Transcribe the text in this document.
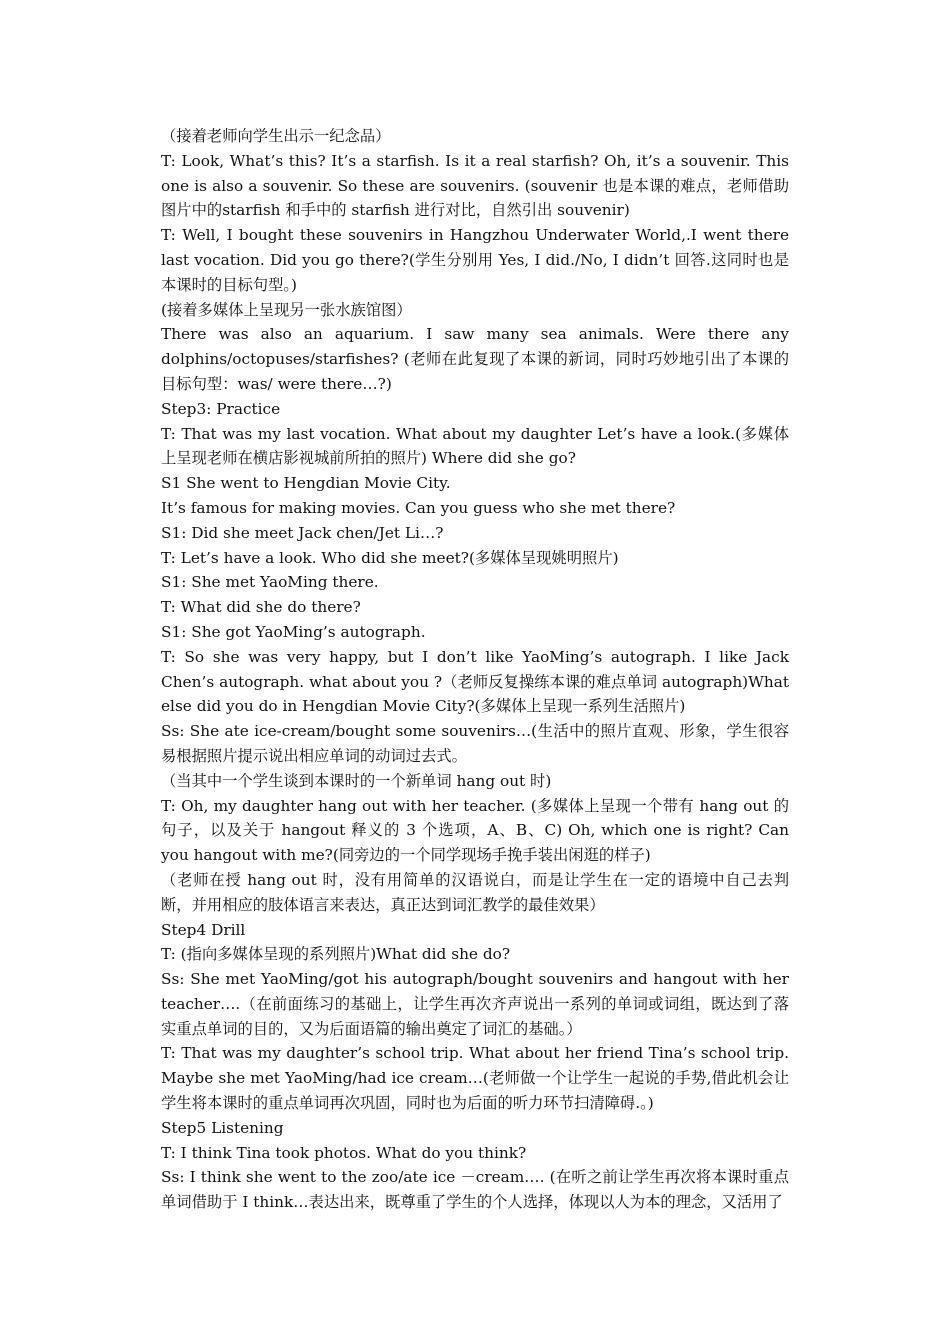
（接着老师向学生出示一纪念品）

T: Look, What’s this? It’s a starfish. Is it a real starfish? Oh, it’s a souvenir. This one is also a souvenir. So these are souvenirs. (souvenir 也是本课的难点，老师借助图片中的starfish 和手中的 starfish 进行对比，自然引出 souvenir)

T: Well, I bought these souvenirs in Hangzhou Underwater World,.I went there last vocation. Did you go there?(学生分别用 Yes, I did./No, I didn’t 回答.这同时也是本课时的目标句型。)

(接着多媒体上呈现另一张水族馆图）

There was also an aquarium. I saw many sea animals. Were there any dolphins/octopuses/starfishes? (老师在此复现了本课的新词，同时巧妙地引出了本课的目标句型：was/ were there…?)

Step3: Practice

T: That was my last vocation. What about my daughter Let’s have a look.(多媒体上呈现老师在横店影视城前所拍的照片) Where did she go?

S1 She went to Hengdian Movie City.

It’s famous for making movies. Can you guess who she met there?

S1: Did she meet Jack chen/Jet Li…?

T: Let’s have a look. Who did she meet?(多媒体呈现姚明照片)

S1: She met YaoMing there.

T: What did she do there?

S1: She got YaoMing’s autograph.

T: So she was very happy, but I don’t like YaoMing’s autograph. I like Jack Chen’s autograph. what about you ?（老师反复操练本课的难点单词 autograph)What else did you do in Hengdian Movie City?(多媒体上呈现一系列生活照片)

Ss: She ate ice-cream/bought some souvenirs…(生活中的照片直观、形象，学生很容易根据照片提示说出相应单词的动词过去式。

（当其中一个学生谈到本课时的一个新单词 hang out 时)

T: Oh, my daughter hang out with her teacher. (多媒体上呈现一个带有 hang out 的句子，以及关于 hangout 释义的 3 个选项，A、B、C) Oh, which one is right? Can you hangout with me?(同旁边的一个同学现场手挽手装出闲逛的样子)

（老师在授 hang out 时，没有用简单的汉语说白，而是让学生在一定的语境中自己去判断，并用相应的肢体语言来表达，真正达到词汇教学的最佳效果）

Step4 Drill

T: (指向多媒体呈现的系列照片)What did she do?

Ss: She met YaoMing/got his autograph/bought souvenirs and hangout with her teacher….（在前面练习的基础上，让学生再次齐声说出一系列的单词或词组，既达到了落实重点单词的目的，又为后面语篇的输出奠定了词汇的基础。）

T: That was my daughter’s school trip. What about her friend Tina’s school trip. Maybe she met YaoMing/had ice cream…(老师做一个让学生一起说的手势,借此机会让学生将本课时的重点单词再次巩固，同时也为后面的听力环节扫清障碍.。)

Step5 Listening

T: I think Tina took photos. What do you think?

Ss: I think she went to the zoo/ate ice －cream…. (在听之前让学生再次将本课时重点单词借助于 I think…表达出来，既尊重了学生的个人选择，体现以人为本的理念，又活用了
